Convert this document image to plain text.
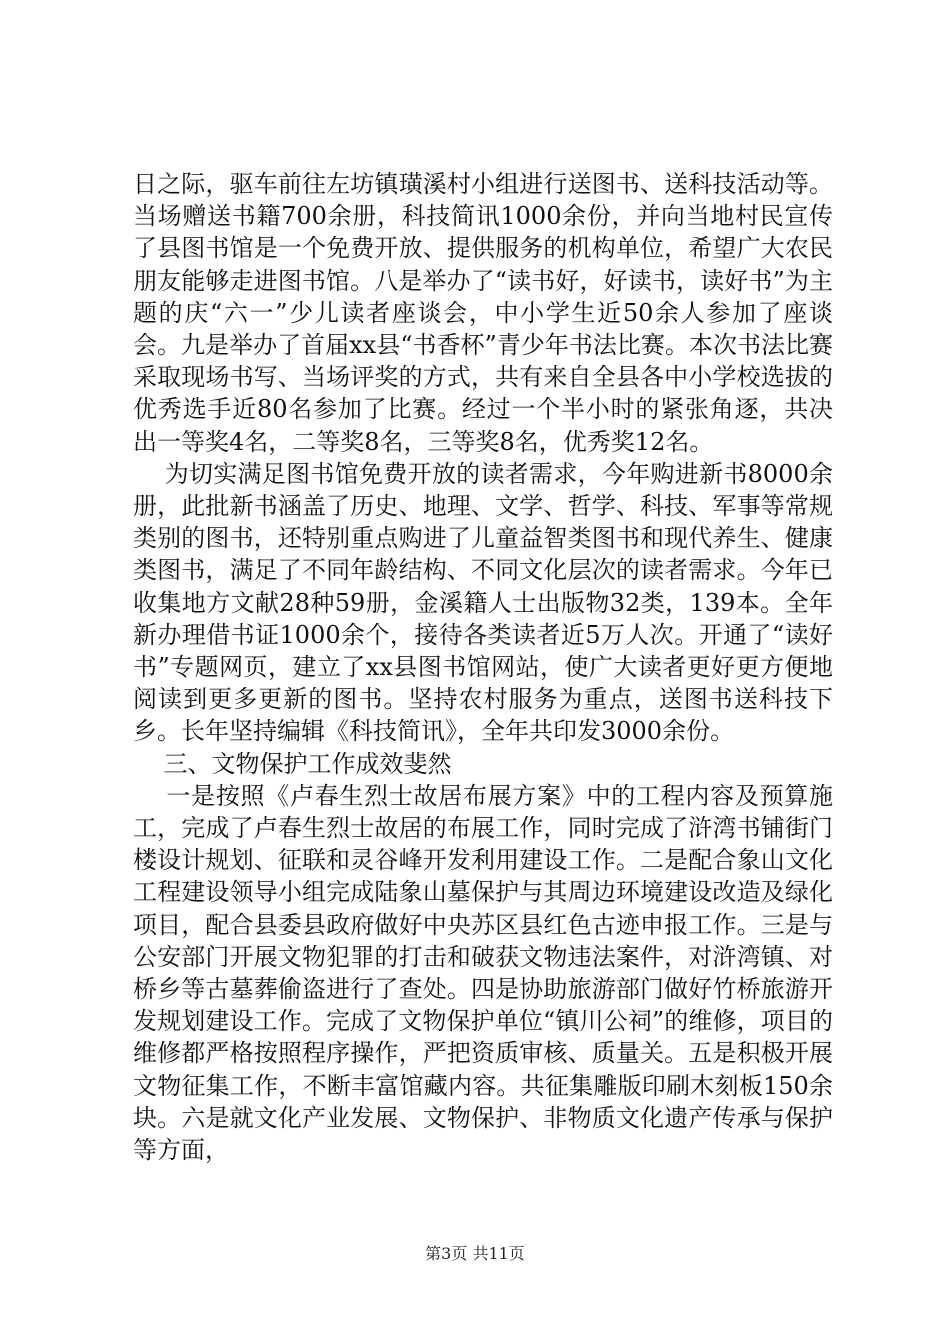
日之际，驱车前往左坊镇璜溪村小组进行送图书、送科技活动等。当场赠送书籍700余册，科技简讯1000余份，并向当地村民宣传了县图书馆是一个免费开放、提供服务的机构单位，希望广大农民朋友能够走进图书馆。八是举办了“读书好，好读书，读好书”为主题的庆“六一”少儿读者座谈会，中小学生近50余人参加了座谈会。九是举办了首届xx县“书香杯”青少年书法比赛。本次书法比赛采取现场书写、当场评奖的方式，共有来自全县各中小学校选拔的优秀选手近80名参加了比赛。经过一个半小时的紧张角逐，共决出一等奖4名，二等奖8名，三等奖8名，优秀奖12名。

为切实满足图书馆免费开放的读者需求，今年购进新书8000余册，此批新书涵盖了历史、地理、文学、哲学、科技、军事等常规类别的图书，还特别重点购进了儿童益智类图书和现代养生、健康类图书，满足了不同年龄结构、不同文化层次的读者需求。今年已收集地方文献28种59册，金溪籍人士出版物32类，139本。全年新办理借书证1000余个，接待各类读者近5万人次。开通了“读好书”专题网页，建立了xx县图书馆网站，使广大读者更好更方便地阅读到更多更新的图书。坚持农村服务为重点，送图书送科技下乡。长年坚持编辑《科技简讯》，全年共印发3000余份。

三、文物保护工作成效斐然

一是按照《卢春生烈士故居布展方案》中的工程内容及预算施工，完成了卢春生烈士故居的布展工作，同时完成了浒湾书铺街门楼设计规划、征联和灵谷峰开发利用建设工作。二是配合象山文化工程建设领导小组完成陆象山墓保护与其周边环境建设改造及绿化项目，配合县委县政府做好中央苏区县红色古迹申报工作。三是与公安部门开展文物犯罪的打击和破获文物违法案件，对浒湾镇、对桥乡等古墓葬偷盗进行了查处。四是协助旅游部门做好竹桥旅游开发规划建设工作。完成了文物保护单位“镇川公祠”的维修，项目的维修都严格按照程序操作，严把资质审核、质量关。五是积极开展文物征集工作，不断丰富馆藏内容。共征集雕版印刷木刻板150余块。六是就文化产业发展、文物保护、非物质文化遗产传承与保护等方面，

第3页 共11页
